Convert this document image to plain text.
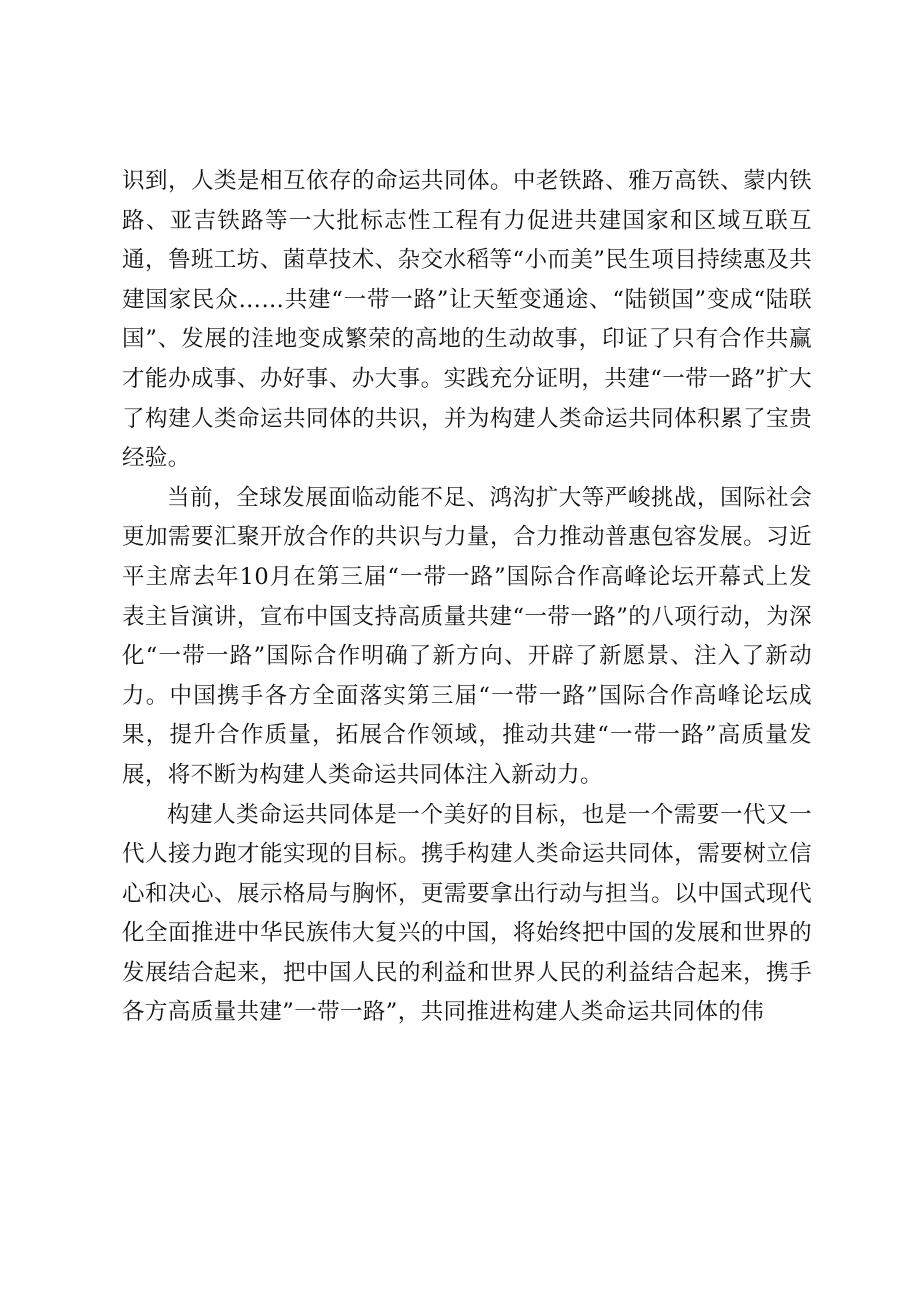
识到，人类是相互依存的命运共同体。中老铁路、雅万高铁、蒙内铁路、亚吉铁路等一大批标志性工程有力促进共建国家和区域互联互通，鲁班工坊、菌草技术、杂交水稻等“小而美”民生项目持续惠及共建国家民众……共建“一带一路”让天堑变通途、“陆锁国”变成“陆联国”、发展的洼地变成繁荣的高地的生动故事，印证了只有合作共赢才能办成事、办好事、办大事。实践充分证明，共建“一带一路”扩大了构建人类命运共同体的共识，并为构建人类命运共同体积累了宝贵经验。

当前，全球发展面临动能不足、鸿沟扩大等严峻挑战，国际社会更加需要汇聚开放合作的共识与力量，合力推动普惠包容发展。习近平主席去年10月在第三届“一带一路”国际合作高峰论坛开幕式上发表主旨演讲，宣布中国支持高质量共建“一带一路”的八项行动，为深化“一带一路”国际合作明确了新方向、开辟了新愿景、注入了新动力。中国携手各方全面落实第三届“一带一路”国际合作高峰论坛成果，提升合作质量，拓展合作领域，推动共建“一带一路”高质量发展，将不断为构建人类命运共同体注入新动力。

构建人类命运共同体是一个美好的目标，也是一个需要一代又一代人接力跑才能实现的目标。携手构建人类命运共同体，需要树立信心和决心、展示格局与胸怀，更需要拿出行动与担当。以中国式现代化全面推进中华民族伟大复兴的中国，将始终把中国的发展和世界的发展结合起来，把中国人民的利益和世界人民的利益结合起来，携手各方高质量共建”一带一路”，共同推进构建人类命运共同体的伟
